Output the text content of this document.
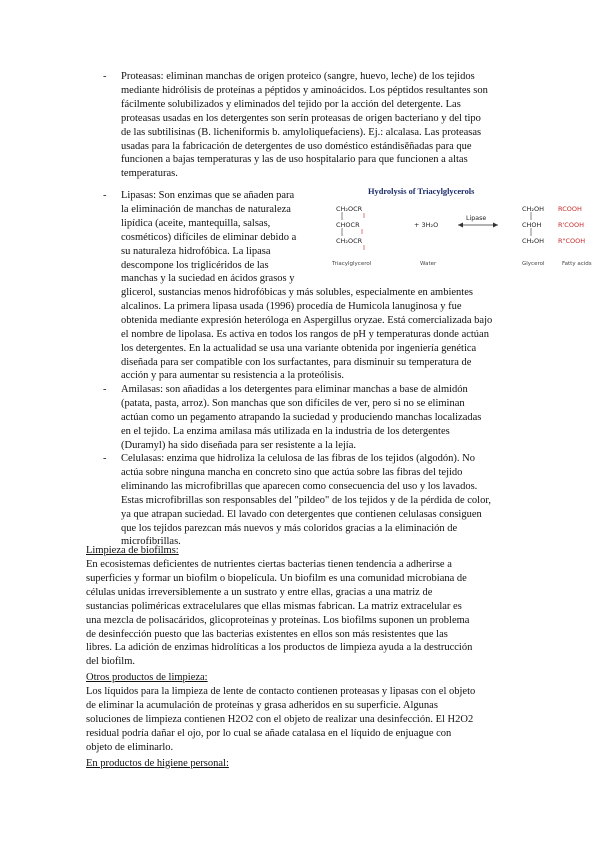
- Proteasas: eliminan manchas de origen proteico (sangre, huevo, leche) de los tejidos

mediante hidrólisis de proteínas a péptidos y aminoácidos. Los péptidos resultantes son

fácilmente solubilizados y eliminados del tejido por la acción del detergente. Las

proteasas usadas en los detergentes son serín proteasas de origen bacteriano y del tipo

de las subtilisinas (B. licheniformis b. amyloliquefaciens). Ej.: alcalasa. Las proteasas

usadas para la fabricación de detergentes de uso doméstico estándisěñadas para que

funcionen a bajas temperaturas y las de uso hospitalario para que funcionen a altas

temperaturas.

- Lipasas: Son enzimas que se añaden para

la eliminación de manchas de naturaleza

lipídica (aceite, mantequilla, salsas,

cosméticos) difíciles de eliminar debido a

su naturaleza hidrofóbica. La lipasa

descompone los triglicéridos de las

manchas y la suciedad en ácidos grasos y

glicerol, sustancias menos hidrofóbicas y más solubles, especialmente en ambientes

alcalinos. La primera lipasa usada (1996) procedía de Humicola lanuginosa y fue

obtenida mediante expresión heteróloga en Aspergillus oryzae. Está comercializada bajo

el nombre de lipolasa. Es activa en todos los rangos de pH y temperaturas donde actúan

los detergentes. En la actualidad se usa una variante obtenida por ingeniería genética

diseñada para ser compatible con los surfactantes, para disminuir su temperatura de

acción y para aumentar su resistencia a la proteólisis.

Hydrolysis of Triacylglycerols
CH₂OCR
CHOCR
CH₂OCR
+ 3H₂O
Lipase
CH₂OH
CHOH
CH₂OH
RCOOH
R'COOH
R"COOH
Triacylglycerol	Water	Glycerol	Fatty acids
- Amilasas: son añadidas a los detergentes para eliminar manchas a base de almidón

(patata, pasta, arroz). Son manchas que son difíciles de ver, pero si no se eliminan

actúan como un pegamento atrapando la suciedad y produciendo manchas localizadas

en el tejido. La enzima amilasa más utilizada en la industria de los detergentes

(Duramyl) ha sido diseñada para ser resistente a la lejía.

- Celulasas: enzima que hidroliza la celulosa de las fibras de los tejidos (algodón). No

actúa sobre ninguna mancha en concreto sino que actúa sobre las fibras del tejido

eliminando las microfibrillas que aparecen como consecuencia del uso y los lavados.

Estas microfibrillas son responsables del "pildeo" de los tejidos y de la pérdida de color,

ya que atrapan suciedad. El lavado con detergentes que contienen celulasas consiguen

que los tejidos parezcan más nuevos y más coloridos gracias a la eliminación de

microfibrillas.

Limpieza de biofilms:

En ecosistemas deficientes de nutrientes ciertas bacterias tienen tendencia a adherirse a

superficies y formar un biofilm o biopelícula. Un biofilm es una comunidad microbiana de

células unidas irreversiblemente a un sustrato y entre ellas, gracias a una matriz de

sustancias poliméricas extracelulares que ellas mismas fabrican. La matriz extracelular es

una mezcla de polisacáridos, glicoproteínas y proteínas. Los biofilms suponen un problema

de desinfección puesto que las bacterias existentes en ellos son más resistentes que las

libres. La adición de enzimas hidrolíticas a los productos de limpieza ayuda a la destrucción

del biofilm.

Otros productos de limpieza:

Los líquidos para la limpieza de lente de contacto contienen proteasas y lipasas con el objeto

de eliminar la acumulación de proteínas y grasa adheridos en su superficie. Algunas

soluciones de limpieza contienen H2O2 con el objeto de realizar una desinfección. El H2O2

residual podría dañar el ojo, por lo cual se añade catalasa en el líquido de enjuague con

objeto de eliminarlo.

En productos de higiene personal:
